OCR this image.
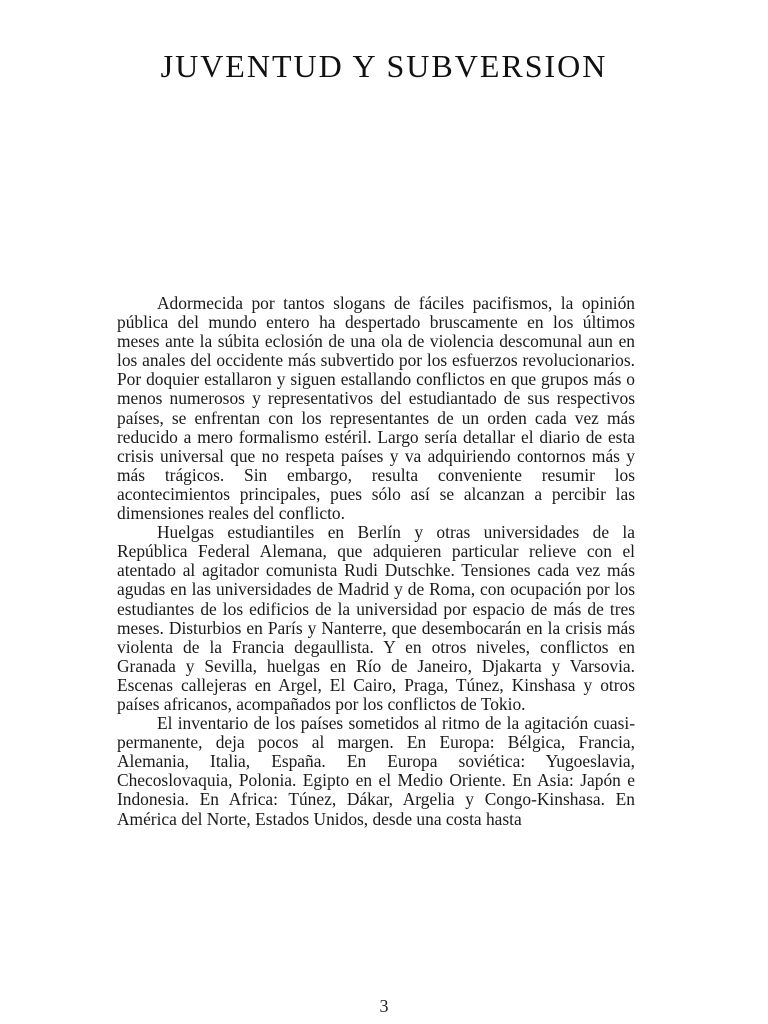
JUVENTUD Y SUBVERSION

Adormecida por tantos slogans de fáciles pacifismos, la opinión pública del mundo entero ha despertado bruscamente en los últimos meses ante la súbita eclosión de una ola de violencia descomunal aun en los anales del occidente más subvertido por los esfuerzos revolucionarios. Por doquier estallaron y siguen estallando conflictos en que grupos más o menos numerosos y representativos del estudiantado de sus respectivos países, se enfrentan con los representantes de un orden cada vez más reducido a mero formalismo estéril. Largo sería detallar el diario de esta crisis universal que no respeta países y va adquiriendo contornos más y más trágicos. Sin embargo, resulta conveniente resumir los acontecimientos principales, pues sólo así se alcanzan a percibir las dimensiones reales del conflicto.

Huelgas estudiantiles en Berlín y otras universidades de la República Federal Alemana, que adquieren particular relieve con el atentado al agitador comunista Rudi Dutschke. Tensiones cada vez más agudas en las universidades de Madrid y de Roma, con ocupación por los estudiantes de los edificios de la universidad por espacio de más de tres meses. Disturbios en París y Nanterre, que desembocarán en la crisis más violenta de la Francia degaullista. Y en otros niveles, conflictos en Granada y Sevilla, huelgas en Río de Janeiro, Djakarta y Varsovia. Escenas callejeras en Argel, El Cairo, Praga, Túnez, Kinshasa y otros países africanos, acompañados por los conflictos de Tokio.

El inventario de los países sometidos al ritmo de la agitación cuasi-permanente, deja pocos al margen. En Europa: Bélgica, Francia, Alemania, Italia, España. En Europa soviética: Yugoeslavia, Checoslovaquia, Polonia. Egipto en el Medio Oriente. En Asia: Japón e Indonesia. En Africa: Túnez, Dákar, Argelia y Congo-Kinshasa. En América del Norte, Estados Unidos, desde una costa hasta

3
